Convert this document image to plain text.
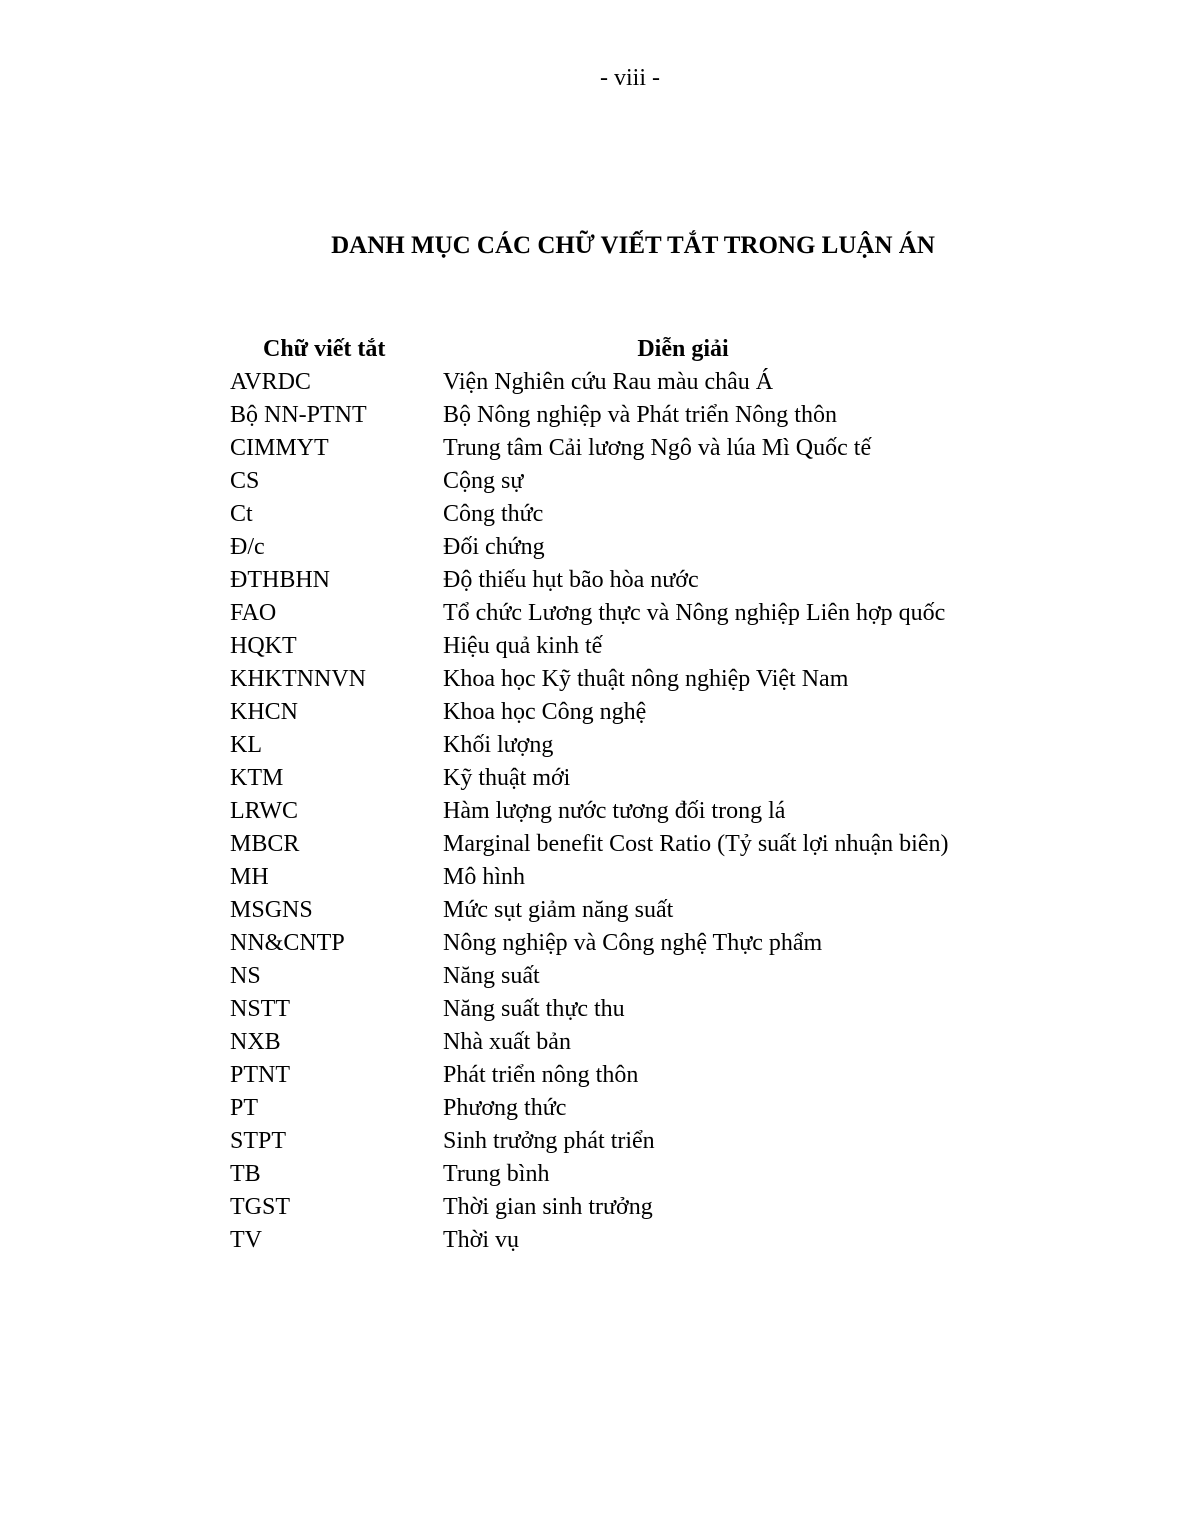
- viii -
DANH MỤC CÁC CHỮ VIẾT TẮT TRONG LUẬN ÁN
Chữ viết tắt	Diễn giải
AVRDC	Viện Nghiên cứu Rau màu châu Á
Bộ NN-PTNT	Bộ Nông nghiệp và Phát triển Nông thôn
CIMMYT	Trung tâm Cải lương Ngô và lúa Mì Quốc tế
CS	Cộng sự
Ct	Công thức
Đ/c	Đối chứng
ĐTHBHN	Độ thiếu hụt bão hòa nước
FAO	Tổ chức Lương thực và Nông nghiệp Liên hợp quốc
HQKT	Hiệu quả kinh tế
KHKTNNVN	Khoa học Kỹ thuật nông nghiệp Việt Nam
KHCN	Khoa học Công nghệ
KL	Khối lượng
KTM	Kỹ thuật mới
LRWC	Hàm lượng nước tương đối trong lá
MBCR	Marginal benefit Cost Ratio (Tỷ suất lợi nhuận biên)
MH	Mô hình
MSGNS	Mức sụt giảm năng suất
NN&CNTP	Nông nghiệp và Công nghệ Thực phẩm
NS	Năng suất
NSTT	Năng suất thực thu
NXB	Nhà xuất bản
PTNT	Phát triển nông thôn
PT	Phương thức
STPT	Sinh trưởng phát triển
TB	Trung bình
TGST	Thời gian sinh trưởng
TV	Thời vụ
